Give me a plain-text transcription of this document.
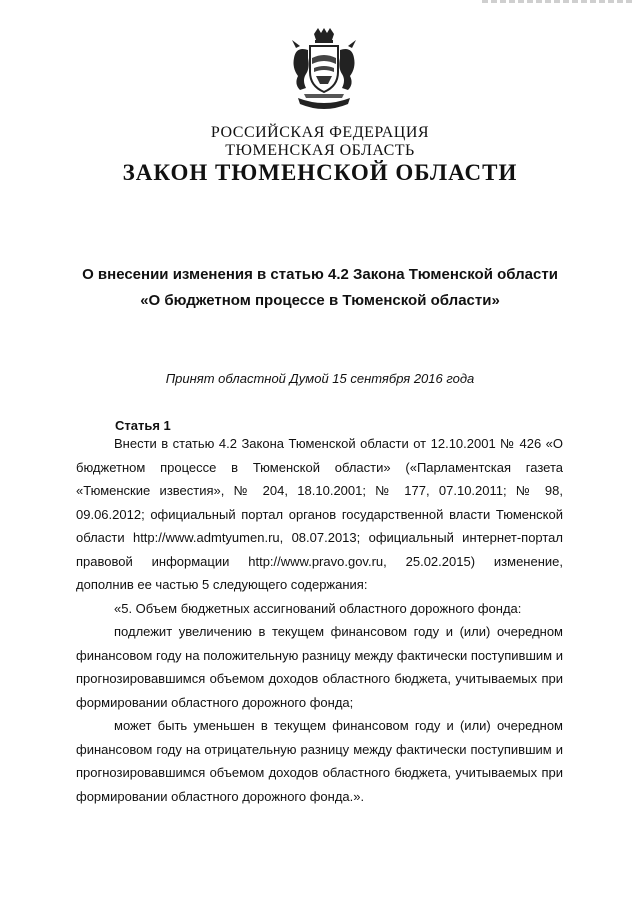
РОССИЙСКАЯ ФЕДЕРАЦИЯ
ТЮМЕНСКАЯ ОБЛАСТЬ
ЗАКОН ТЮМЕНСКОЙ ОБЛАСТИ
О внесении изменения в статью 4.2 Закона Тюменской области
«О бюджетном процессе в Тюменской области»
Принят областной Думой 15 сентября 2016 года
Статья 1

Внести в статью 4.2 Закона Тюменской области от 12.10.2001 № 426 «О бюджетном процессе в Тюменской области» («Парламентская газета «Тюменские известия», № 204, 18.10.2001; № 177, 07.10.2011; № 98, 09.06.2012; официальный портал органов государственной власти Тюменской области http://www.admtyumen.ru, 08.07.2013; официальный интернет-портал правовой информации http://www.pravo.gov.ru, 25.02.2015) изменение, дополнив ее частью 5 следующего содержания:

«5. Объем бюджетных ассигнований областного дорожного фонда:

подлежит увеличению в текущем финансовом году и (или) очередном финансовом году на положительную разницу между фактически поступившим и прогнозировавшимся объемом доходов областного бюджета, учитываемых при формировании областного дорожного фонда;

может быть уменьшен в текущем финансовом году и (или) очередном финансовом году на отрицательную разницу между фактически поступившим и прогнозировавшимся объемом доходов областного бюджета, учитываемых при формировании областного дорожного фонда.».
